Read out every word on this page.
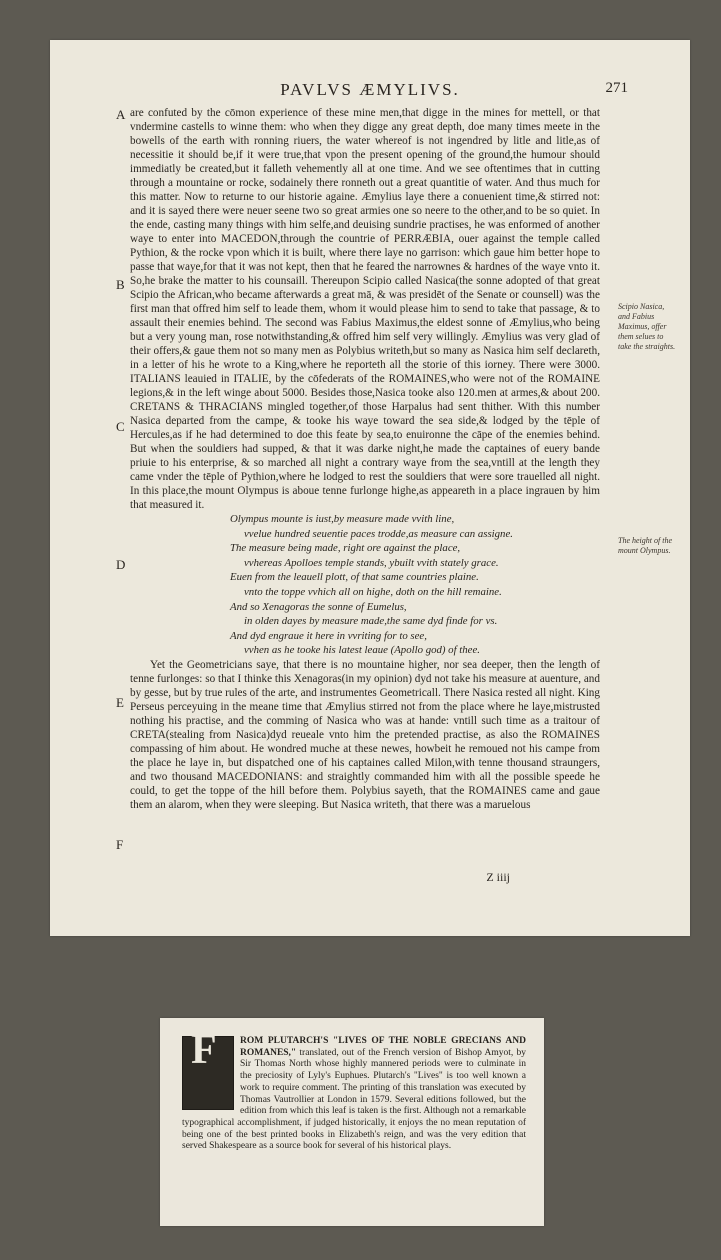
PAVLVS ÆMYLIVS.	271
A
B
C
D
E
F

are confuted by the cōmon experience of these mine men,that digge in the mines for mettell, or that vndermine castells to winne them: who when they digge any great depth, doe many times meete in the bowells of the earth with ronning riuers, the water whereof is not ingendred by litle and litle,as of necessitie it should be,if it were true,that vpon the present opening of the ground,the humour should immediatly be created,but it falleth vehemently all at one time. And we see oftentimes that in cutting through a mountaine or rocke, sodainely there ronneth out a great quantitie of water. And thus much for this matter. Now to returne to our historie againe. Æmylius laye there a conuenient time,& stirred not: and it is sayed there were neuer seene two so great armies one so neere to the other,and to be so quiet. In the ende, casting many things with him selfe,and deuising sundrie practises, he was enformed of another waye to enter into MACEDON,through the countrie of PERRÆBIA, ouer against the temple called Pythion, & the rocke vpon which it is built, where there laye no garrison: which gaue him better hope to passe that waye,for that it was not kept, then that he feared the narrownes & hardnes of the waye vnto it. So,he brake the matter to his counsaill. Thereupon Scipio called Nasica(the sonne adopted of that great Scipio the African,who became afterwards a great mā, & was presidēt of the Senate or counsell) was the first man that offred him self to leade them, whom it would please him to send to take that passage, & to assault their enemies behind. The second was Fabius Maximus,the eldest sonne of Æmylius,who being but a very young man, rose notwithstanding,& offred him self very willingly. Æmylius was very glad of their offers,& gaue them not so many men as Polybius writeth,but so many as Nasica him self declareth, in a letter of his he wrote to a King,where he reporteth all the storie of this iorney. There were 3000. ITALIANS leauied in ITALIE, by the cōfederats of the ROMAINES,who were not of the ROMAINE legions,& in the left winge about 5000. Besides those,Nasica tooke also 120.men at armes,& about 200. CRETANS & THRACIANS mingled together,of those Harpalus had sent thither. With this number Nasica departed from the campe, & tooke his waye toward the sea side,& lodged by the tēple of Hercules,as if he had determined to doe this feate by sea,to enuironne the cāpe of the enemies behind. But when the souldiers had supped, & that it was darke night,he made the captaines of euery bande priuie to his enterprise, & so marched all night a contrary waye from the sea,vntill at the length they came vnder the tēple of Pythion,where he lodged to rest the souldiers that were sore trauelled all night. In this place,the mount Olympus is aboue tenne furlonge highe,as appeareth in a place ingrauen by him that measured it.

Olympus mounte is iust,by measure made vvith line,
vvelue hundred seuentie paces trodde,as measure can assigne.
The measure being made, right ore against the place,
vvhereas Apolloes temple stands, ybuilt vvith stately grace.
Euen from the leauell plott, of that same countries plaine.
vnto the toppe vvhich all on highe, doth on the hill remaine.
And so Xenagoras the sonne of Eumelus,
in olden dayes by measure made,the same dyd finde for vs.
And dyd engraue it here in vvriting for to see,
vvhen as he tooke his latest leaue (Apollo god) of thee.

Yet the Geometricians saye, that there is no mountaine higher, nor sea deeper, then the length of tenne furlonges: so that I thinke this Xenagoras(in my opinion) dyd not take his measure at auenture, and by gesse, but by true rules of the arte, and instrumentes Geometricall. There Nasica rested all night. King Perseus perceyuing in the meane time that Æmylius stirred not from the place where he laye,mistrusted nothing his practise, and the comming of Nasica who was at hande: vntill such time as a traitour of CRETA(stealing from Nasica)dyd reueale vnto him the pretended practise, as also the ROMAINES compassing of him about. He wondred muche at these newes, howbeit he remoued not his campe from the place he laye in, but dispatched one of his captaines called Milon,with tenne thousand straungers, and two thousand MACEDONIANS: and straightly commanded him with all the possible speede he could, to get the toppe of the hill before them. Polybius sayeth, that the ROMAINES came and gaue them an alarom, when they were sleeping. But Nasica writeth, that there was a maruelous

Scipio Nasica, and Fabius Maximus, offer them selues to take the straights.
The height of the mount Olympus.
Z iiij
F ROM PLUTARCH'S "LIVES OF THE NOBLE GRECIANS AND ROMANES," translated, out of the French version of Bishop Amyot, by Sir Thomas North whose highly mannered periods were to culminate in the preciosity of Lyly's Euphues. Plutarch's "Lives" is too well known a work to require comment. The printing of this translation was executed by Thomas Vautrollier at London in 1579. Several editions followed, but the edition from which this leaf is taken is the first. Although not a remarkable typographical accomplishment, if judged historically, it enjoys the no mean reputation of being one of the best printed books in Elizabeth's reign, and was the very edition that served Shakespeare as a source book for several of his historical plays.
